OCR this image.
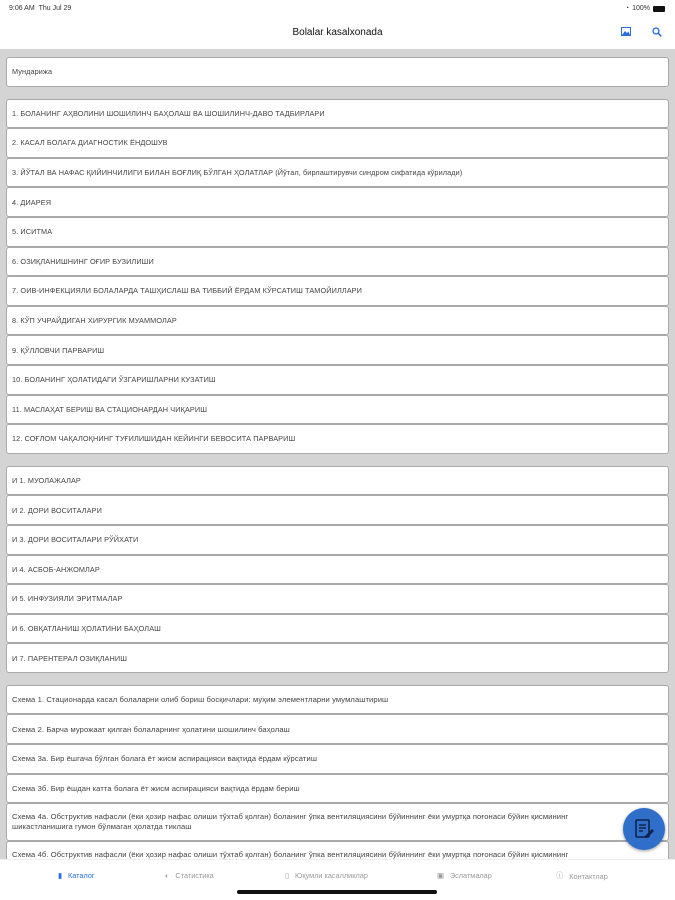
9:06 AM Thu Jul 29	◔ 100%
Bolalar kasalxonada
Мундарижа
1. БОЛАНИНГ АҲВОЛИНИ ШОШИЛИНЧ БАҲОЛАШ ВА ШОШИЛИНЧ-ДАВО ТАДБИРЛАРИ
2. КАСАЛ БОЛАГА ДИАГНОСТИК ЁНДОШУВ
3. ЙЎТАЛ ВА НАФАС ҚИЙИНЧИЛИГИ БИЛАН БОҒЛИҚ БЎЛГАН ҲОЛАТЛАР (Йўтал, бирлаштирувчи синдром сифатида кўрилади)
4. ДИАРЕЯ
5. ИСИТМА
6. ОЗИҚЛАНИШНИНГ ОҒИР БУЗИЛИШИ
7. ОИВ-ИНФЕКЦИЯЛИ БОЛАЛАРДА ТАШҲИСЛАШ ВА ТИББИЙ ЁРДАМ КЎРСАТИШ ТАМОЙИЛЛАРИ
8. КЎП УЧРАЙДИГАН ХИРУРГИК МУАММОЛАР
9. ҚЎЛЛОВЧИ ПАРВАРИШ
10. БОЛАНИНГ ҲОЛАТИДАГИ ЎЗГАРИШЛАРНИ КУЗАТИШ
11. МАСЛАҲАТ БЕРИШ ВА СТАЦИОНАРДАН ЧИҚАРИШ
12. СОҒЛОМ ЧАҚАЛОҚНИНГ ТУҒИЛИШИДАН КЕЙИНГИ БЕВОСИТА ПАРВАРИШ
И 1. МУОЛАЖАЛАР
И 2. ДОРИ ВОСИТАЛАРИ
И 3. ДОРИ ВОСИТАЛАРИ РЎЙХАТИ
И 4. АСБОБ-АНЖОМЛАР
И 5. ИНФУЗИЯЛИ ЭРИТМАЛАР
И 6. ОВҚАТЛАНИШ ҲОЛАТИНИ БАҲОЛАШ
И 7. ПАРЕНТЕРАЛ ОЗИҚЛАНИШ
Схема 1. Стационарда касал болаларни олиб бориш босқичлари: муҳим элементларни умумлаштириш
Схема 2. Барча мурожаат қилган болаларнинг ҳолатини шошилинч баҳолаш
Схема 3а. Бир ёшгача бўлган болага ёт жисм аспирацияси вақтида ёрдам кўрсатиш
Схема 3б. Бир ёшдан катта болага ёт жисм аспирацияси вақтида ёрдам бериш
Схема 4а. Обструктив нафасли (ёки ҳозир нафас олиши тўхтаб қолган) боланинг ўпка вентиляциясини бўйиннинг ёки умуртқа поғонаси бўйин қисмининг шикастланишига гумон бўлмаган ҳолатда тиклаш
Схема 4б. Обструктив нафасли (ёки ҳозир нафас олиши тўхтаб қолган) боланинг ўпка вентиляциясини бўйиннинг ёки умуртқа поғонаси бўйин қисмининг
▮ Каталог	◐ Статистика	▯ Юқумли касалликлар	▣ Эслатмалар	ⓘ Контактлар
